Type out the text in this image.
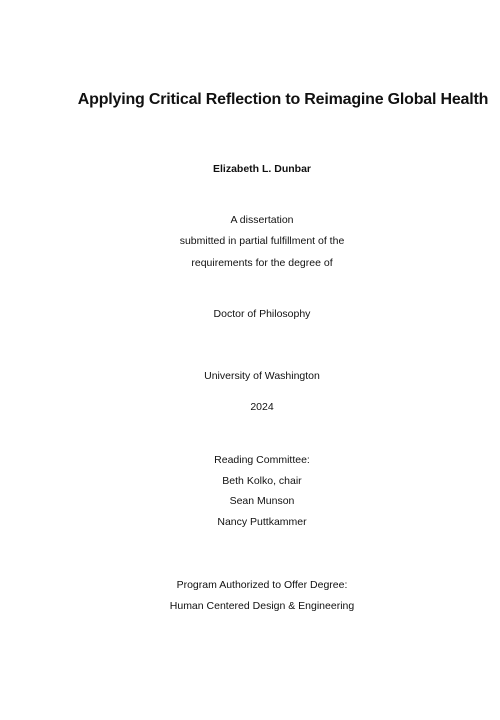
Applying Critical Reflection to Reimagine Global Health
Elizabeth L. Dunbar
A dissertation
submitted in partial fulfillment of the
requirements for the degree of
Doctor of Philosophy
University of Washington
2024
Reading Committee:
Beth Kolko, chair
Sean Munson
Nancy Puttkammer
Program Authorized to Offer Degree:
Human Centered Design & Engineering
